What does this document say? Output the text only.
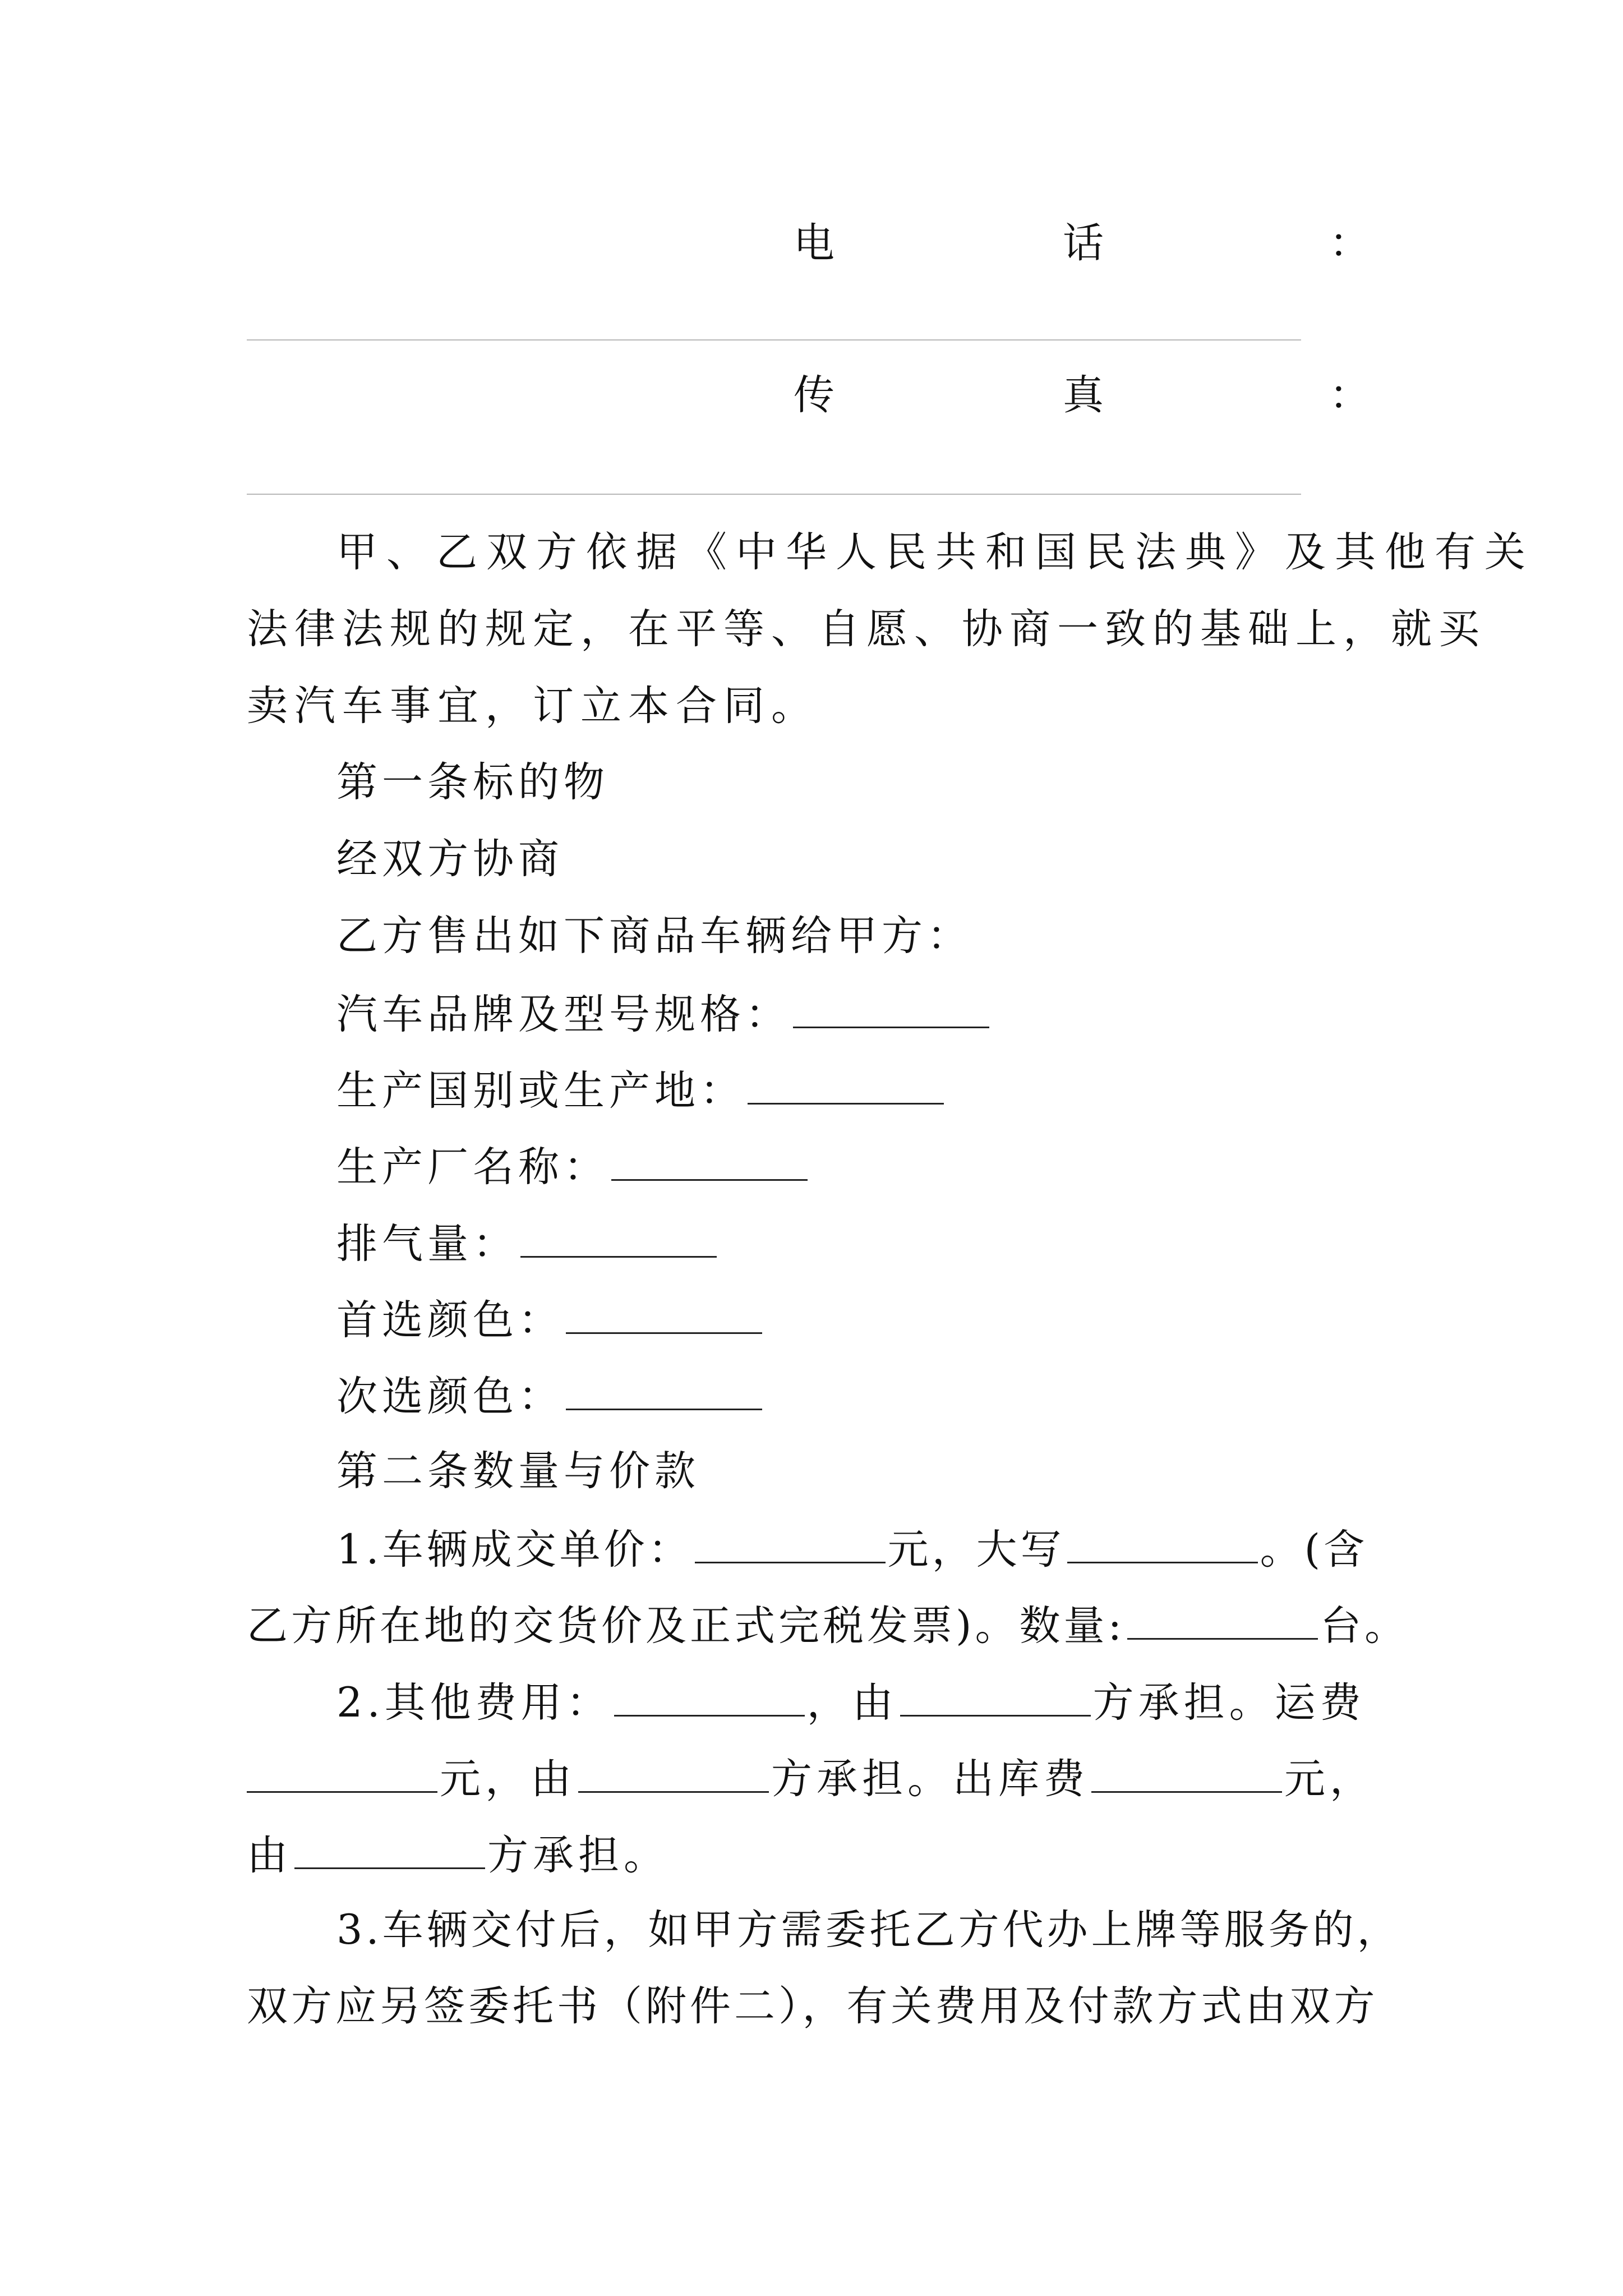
电	话	：
传	真	：
甲、乙双方依据《中华人民共和国民法典》及其他有关
法律法规的规定，在平等、自愿、协商一致的基础上，就买
卖汽车事宜，订立本合同。
第一条标的物
经双方协商
乙方售出如下商品车辆给甲方：
汽车品牌及型号规格：
生产国别或生产地：
生产厂名称：
排气量：
首选颜色：
次选颜色：
第二条数量与价款
1.车辆成交单价：	元，大写	。(含
乙方所在地的交货价及正式完税发票)。数量:	台。
2.其他费用：	，由	方承担。运费
元，由	方承担。出库费	元，
由	方承担。
3.车辆交付后，如甲方需委托乙方代办上牌等服务的，
双方应另签委托书（附件二），有关费用及付款方式由双方
